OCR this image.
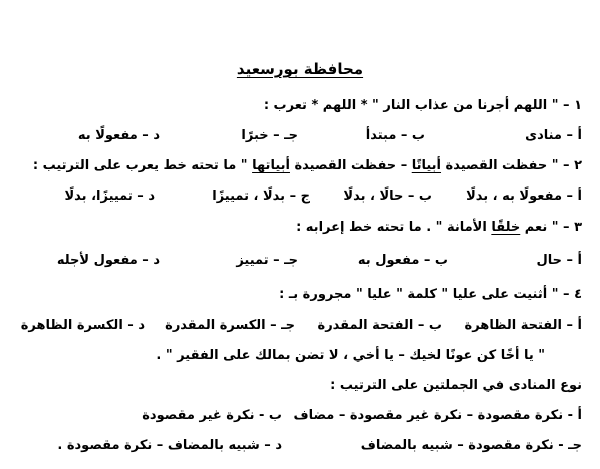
محافظة بورسعيد
١ – " اللهم أجرنا من عذاب النار " * اللهم * تعرب :
أ – منادى
ب – مبتدأ
جـ – خبرًا
د – مفعولًا به
٢ – " حفظت القصيدة أبياتًا – حفظت القصيدة أبياتها " ما تحته خط يعرب على الترتيب :
أ – مفعولًا به ، بدلًا
ب – حالًا ، بدلًا
ج – بدلًا ، تمييزًا
د – تمييزًا، بدلًا
٣ – " نعم خلقًا الأمانة " . ما تحته خط إعرابه :
أ – حال
ب – مفعول به
جـ – تمييز
د – مفعول لأجله
٤ – " أثنيت على عليا " كلمة " عليا " مجرورة بـ :
أ – الفتحة الظاهرة
ب – الفتحة المقدرة
جـ – الكسرة المقدرة
د – الكسرة الظاهرة
" يا أخًا كن عونًا لخيك – يا أخي ، لا تضن بمالك على الفقير " .
نوع المنادى في الجملتين على الترتيب :
أ - نكرة مقصودة – نكرة غير مقصودة – مضاف
ب - نكرة غير مقصودة
جـ - نكرة مقصودة – شبيه بالمضاف
د – شبيه بالمضاف – نكرة مقصودة .
